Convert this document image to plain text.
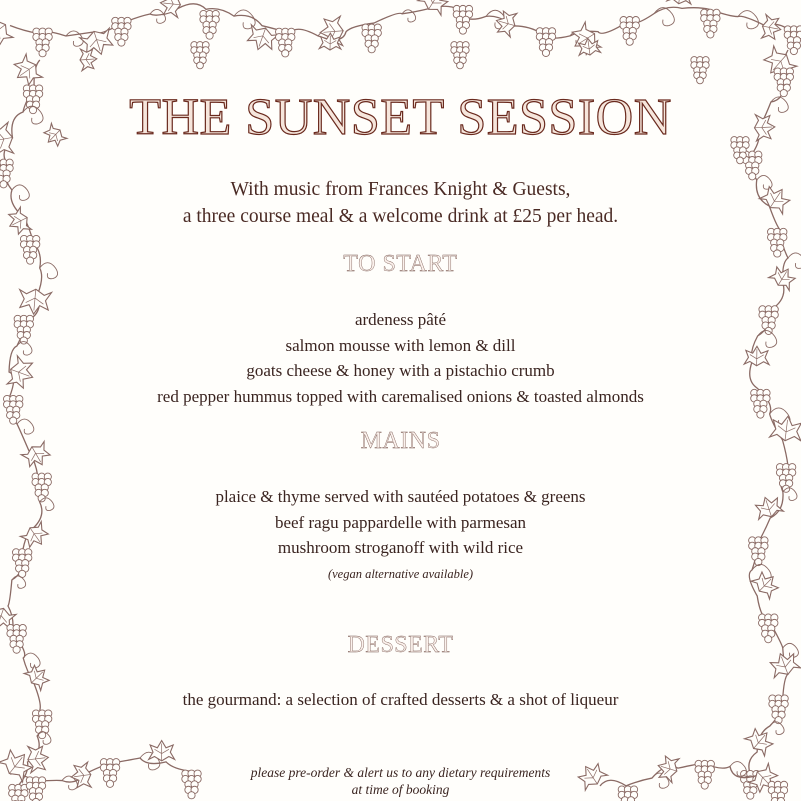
THE SUNSET SESSION
With music from Frances Knight & Guests,
a three course meal & a welcome drink at £25 per head.
TO START
ardeness pâté
salmon mousse with lemon & dill
goats cheese & honey with a pistachio crumb
red pepper hummus topped with caremalised onions & toasted almonds
MAINS
plaice & thyme served with sautéed potatoes & greens
beef ragu pappardelle with parmesan
mushroom stroganoff with wild rice
(vegan alternative available)
DESSERT
the gourmand: a selection of crafted desserts & a shot of liqueur
please pre-order & alert us to any dietary requirements
at time of booking
